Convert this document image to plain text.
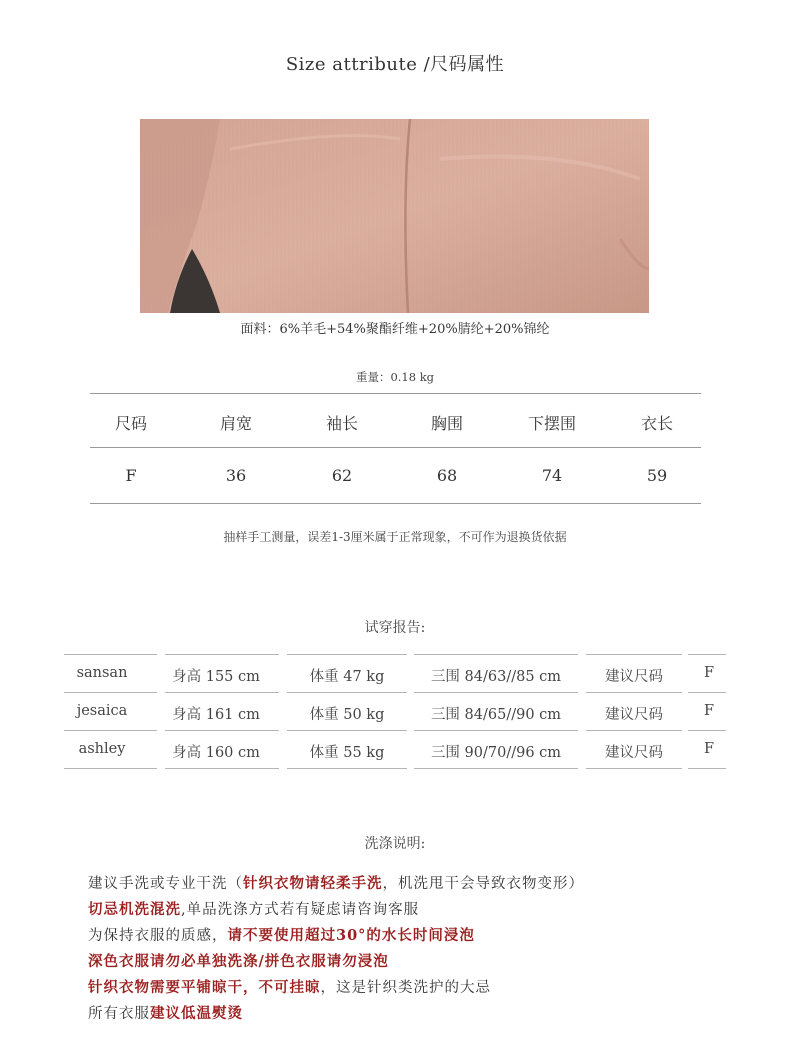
Size attribute /尺码属性
面料：6%羊毛+54%聚酯纤维+20%腈纶+20%锦纶
重量：0.18 kg
尺码	肩宽	袖长	胸围	下摆围	衣长
F	36	62	68	74	59
抽样手工测量，误差1-3厘米属于正常现象，不可作为退换货依据
试穿报告:
sansan	身高 155 cm	体重 47 kg	三围 84/63//85 cm	建议尺码	F
jesaica	身高 161 cm	体重 50 kg	三围 84/65//90 cm	建议尺码	F
ashley	身高 160 cm	体重 55 kg	三围 90/70//96 cm	建议尺码	F
洗涤说明:
建议手洗或专业干洗（针织衣物请轻柔手洗，机洗甩干会导致衣物变形）
切忌机洗混洗,单品洗涤方式若有疑虑请咨询客服
为保持衣服的质感，请不要使用超过30°的水长时间浸泡
深色衣服请勿必单独洗涤/拼色衣服请勿浸泡
针织衣物需要平铺晾干，不可挂晾，这是针织类洗护的大忌
所有衣服建议低温熨烫
